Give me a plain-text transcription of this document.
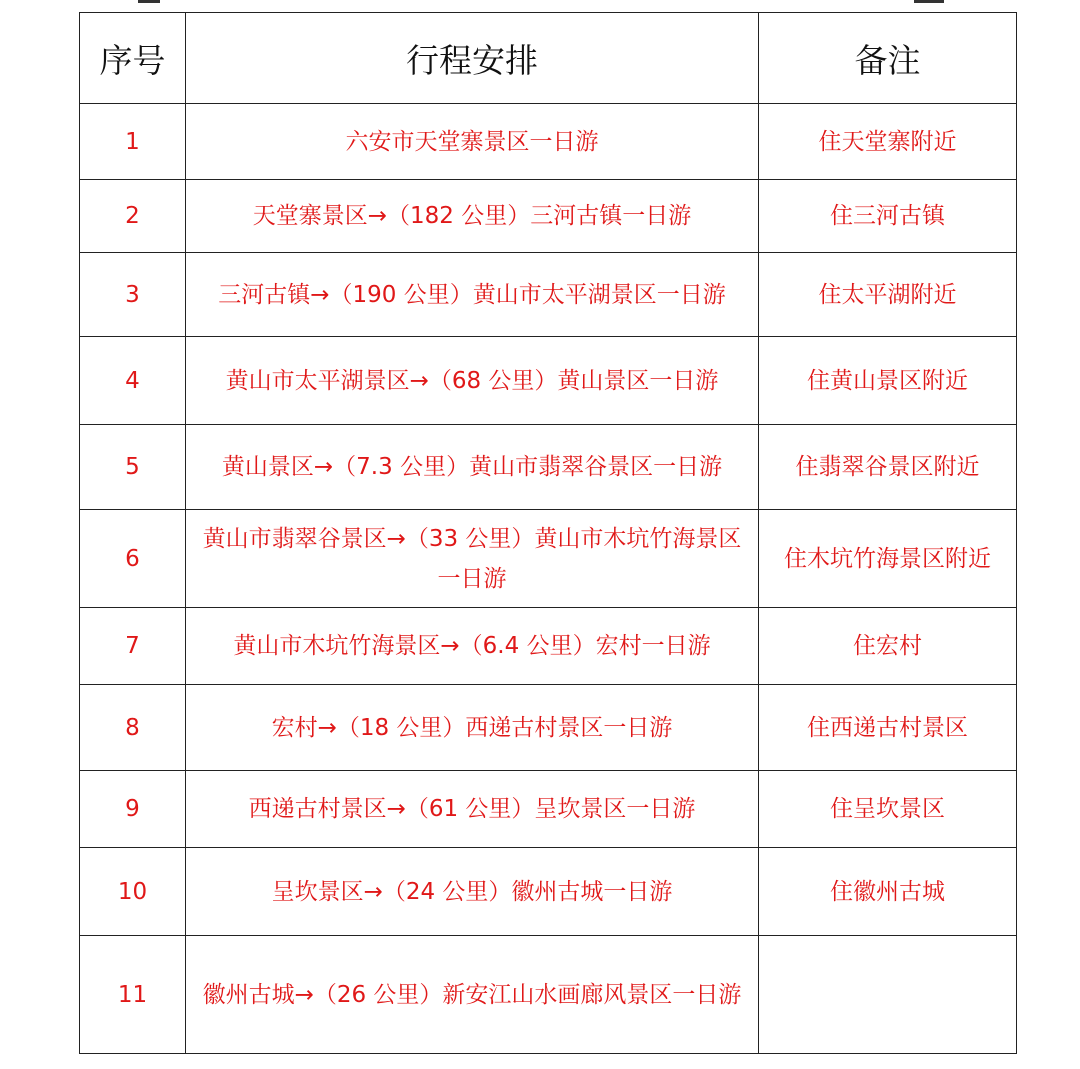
序号	行程安排	备注
1	六安市天堂寨景区一日游	住天堂寨附近
2	天堂寨景区→（182 公里）三河古镇一日游	住三河古镇
3	三河古镇→（190 公里）黄山市太平湖景区一日游	住太平湖附近
4	黄山市太平湖景区→（68 公里）黄山景区一日游	住黄山景区附近
5	黄山景区→（7.3 公里）黄山市翡翠谷景区一日游	住翡翠谷景区附近
6	黄山市翡翠谷景区→（33 公里）黄山市木坑竹海景区一日游	住木坑竹海景区附近
7	黄山市木坑竹海景区→（6.4 公里）宏村一日游	住宏村
8	宏村→（18 公里）西递古村景区一日游	住西递古村景区
9	西递古村景区→（61 公里）呈坎景区一日游	住呈坎景区
10	呈坎景区→（24 公里）徽州古城一日游	住徽州古城
11	徽州古城→（26 公里）新安江山水画廊风景区一日游	
